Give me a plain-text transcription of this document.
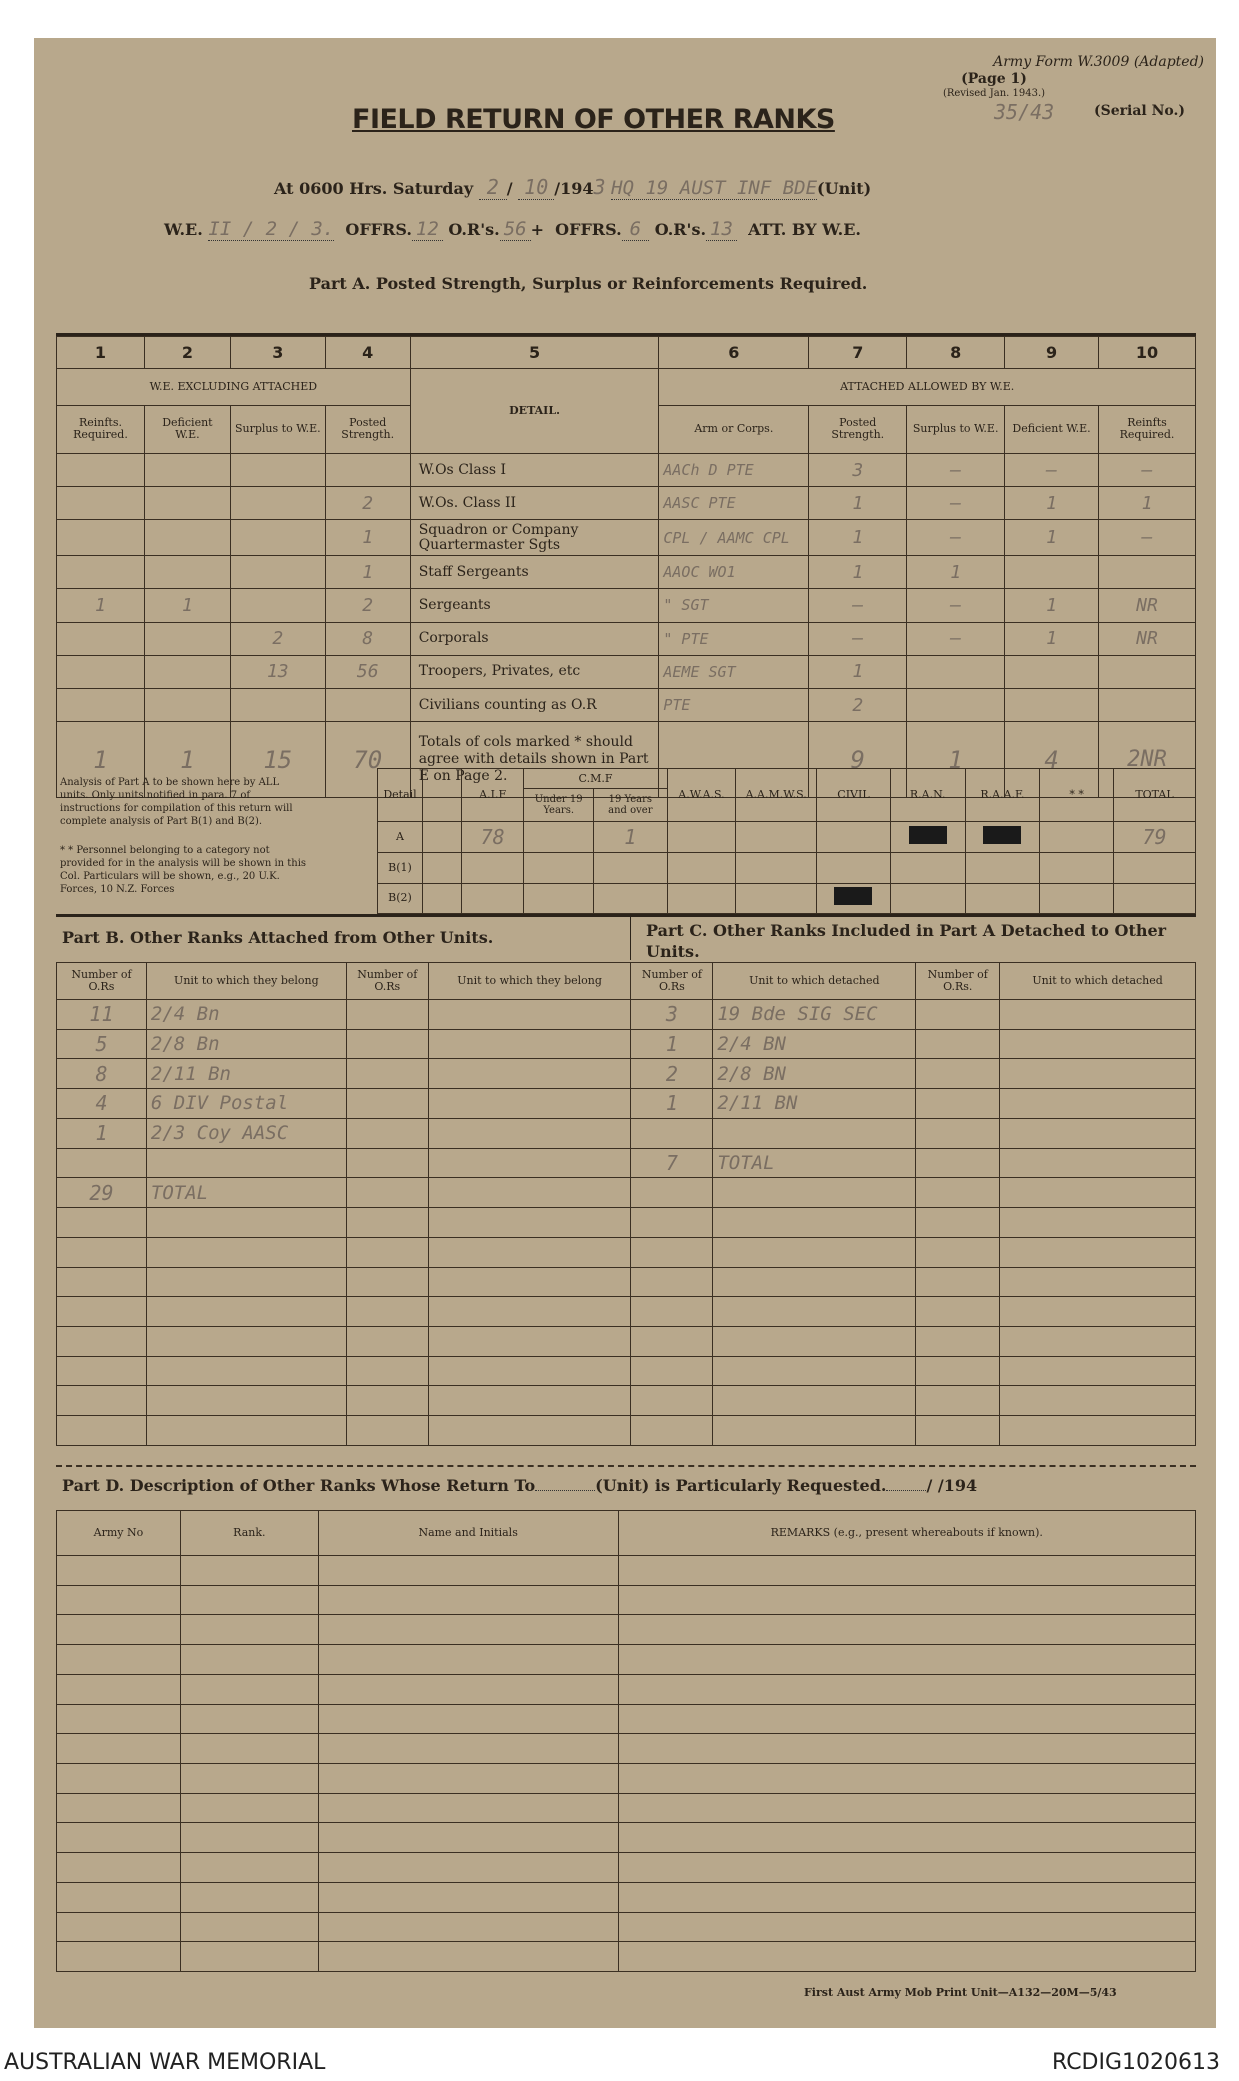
Army Form W.3009 (Adapted)
(Page 1)
(Revised Jan. 1943.)
35/43	(Serial No.)
FIELD RETURN OF OTHER RANKS
At 0600 Hrs. Saturday 2 / 10 /1943 HQ 19 AUST INF BDE(Unit)
W.E. II / 2 / 3. OFFRS. 12 O.R's. 56 + OFFRS. 6 O.R's. 13 ATT. BY W.E.
Part A. Posted Strength, Surplus or Reinforcements Required.
1	2	3	4	5	6	7	8	9	10
W.E. EXCLUDING ATTACHED				DETAIL.	ATTACHED ALLOWED BY W.E.				
Reinfts. Required.	Deficient W.E.	Surplus to W.E.	Posted Strength.		Arm or Corps.	Posted Strength.	Surplus to W.E.	Deficient W.E.	Reinfts Required.
				W.Os Class I	AACh D PTE	3	—	—	—
			2	W.Os. Class II	AASC PTE	1	—	1	1
			1	Squadron or Company Quartermaster Sgts	CPL / AAMC CPL	1	—	1	—
			1	Staff Sergeants	AAOC WO1	1	1		
1	1		2	Sergeants	" SGT	—	—	1	NR
		2	8	Corporals	" PTE	—	—	1	NR
		13	56	Troopers, Privates, etc	AEME SGT	1			
				Civilians counting as O.R	PTE	2			
1	1	15	70	Totals of cols marked * should agree with details shown in Part E on Page 2.		9	1	4	2NR
Analysis of Part A to be shown here by ALL units. Only units notified in para. 7 of instructions for compilation of this return will complete analysis of Part B(1) and B(2).
* * Personnel belonging to a category not provided for in the analysis will be shown in this Col. Particulars will be shown, e.g., 20 U.K. Forces, 10 N.Z. Forces
Detail		A.I.F	C.M.F		A.W.A.S.	A.A.M.W.S.	CIVIL	R.A.N.	R.A.A.F.	* *	TOTAL
			Under 19 Years.	19 Years and over							
A		78		1							79
B(1)											
B(2)											
Part B. Other Ranks Attached from Other Units.	Part C. Other Ranks Included in Part A Detached to Other Units.
Number of O.Rs	Unit to which they belong	Number of O.Rs	Unit to which they belong	Number of O.Rs	Unit to which detached	Number of O.Rs.	Unit to which detached
11	2/4 Bn			3	19 Bde SIG SEC		
5	2/8 Bn			1	2/4 BN		
8	2/11 Bn			2	2/8 BN		
4	6 DIV Postal			1	2/11 BN		
1	2/3 Coy AASC						
				7	TOTAL		
29	TOTAL						

Part D. Description of Other Ranks Whose Return To	(Unit) is Particularly Requested.	/ /194
Army No	Rank.	Name and Initials	REMARKS (e.g., present whereabouts if known).

First Aust Army Mob Print Unit—A132—20M—5/43
AUSTRALIAN WAR MEMORIAL	RCDIG1020613
